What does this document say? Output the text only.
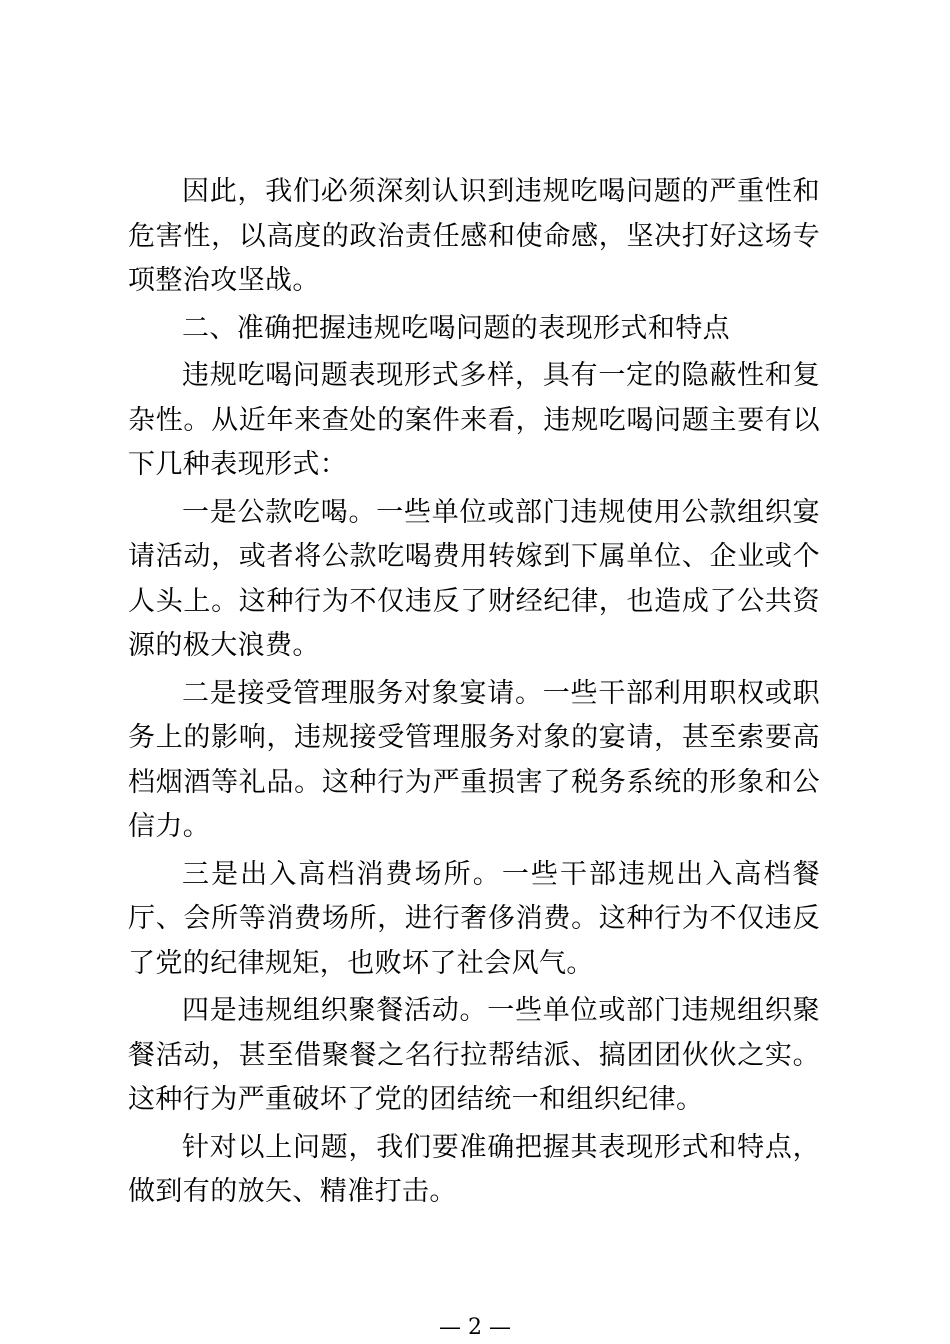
因此，我们必须深刻认识到违规吃喝问题的严重性和危害性，以高度的政治责任感和使命感，坚决打好这场专项整治攻坚战。

二、准确把握违规吃喝问题的表现形式和特点

违规吃喝问题表现形式多样，具有一定的隐蔽性和复杂性。从近年来查处的案件来看，违规吃喝问题主要有以下几种表现形式：

一是公款吃喝。一些单位或部门违规使用公款组织宴请活动，或者将公款吃喝费用转嫁到下属单位、企业或个人头上。这种行为不仅违反了财经纪律，也造成了公共资源的极大浪费。

二是接受管理服务对象宴请。一些干部利用职权或职务上的影响，违规接受管理服务对象的宴请，甚至索要高档烟酒等礼品。这种行为严重损害了税务系统的形象和公信力。

三是出入高档消费场所。一些干部违规出入高档餐厅、会所等消费场所，进行奢侈消费。这种行为不仅违反了党的纪律规矩，也败坏了社会风气。

四是违规组织聚餐活动。一些单位或部门违规组织聚餐活动，甚至借聚餐之名行拉帮结派、搞团团伙伙之实。这种行为严重破坏了党的团结统一和组织纪律。

针对以上问题，我们要准确把握其表现形式和特点，做到有的放矢、精准打击。

— 2 —
